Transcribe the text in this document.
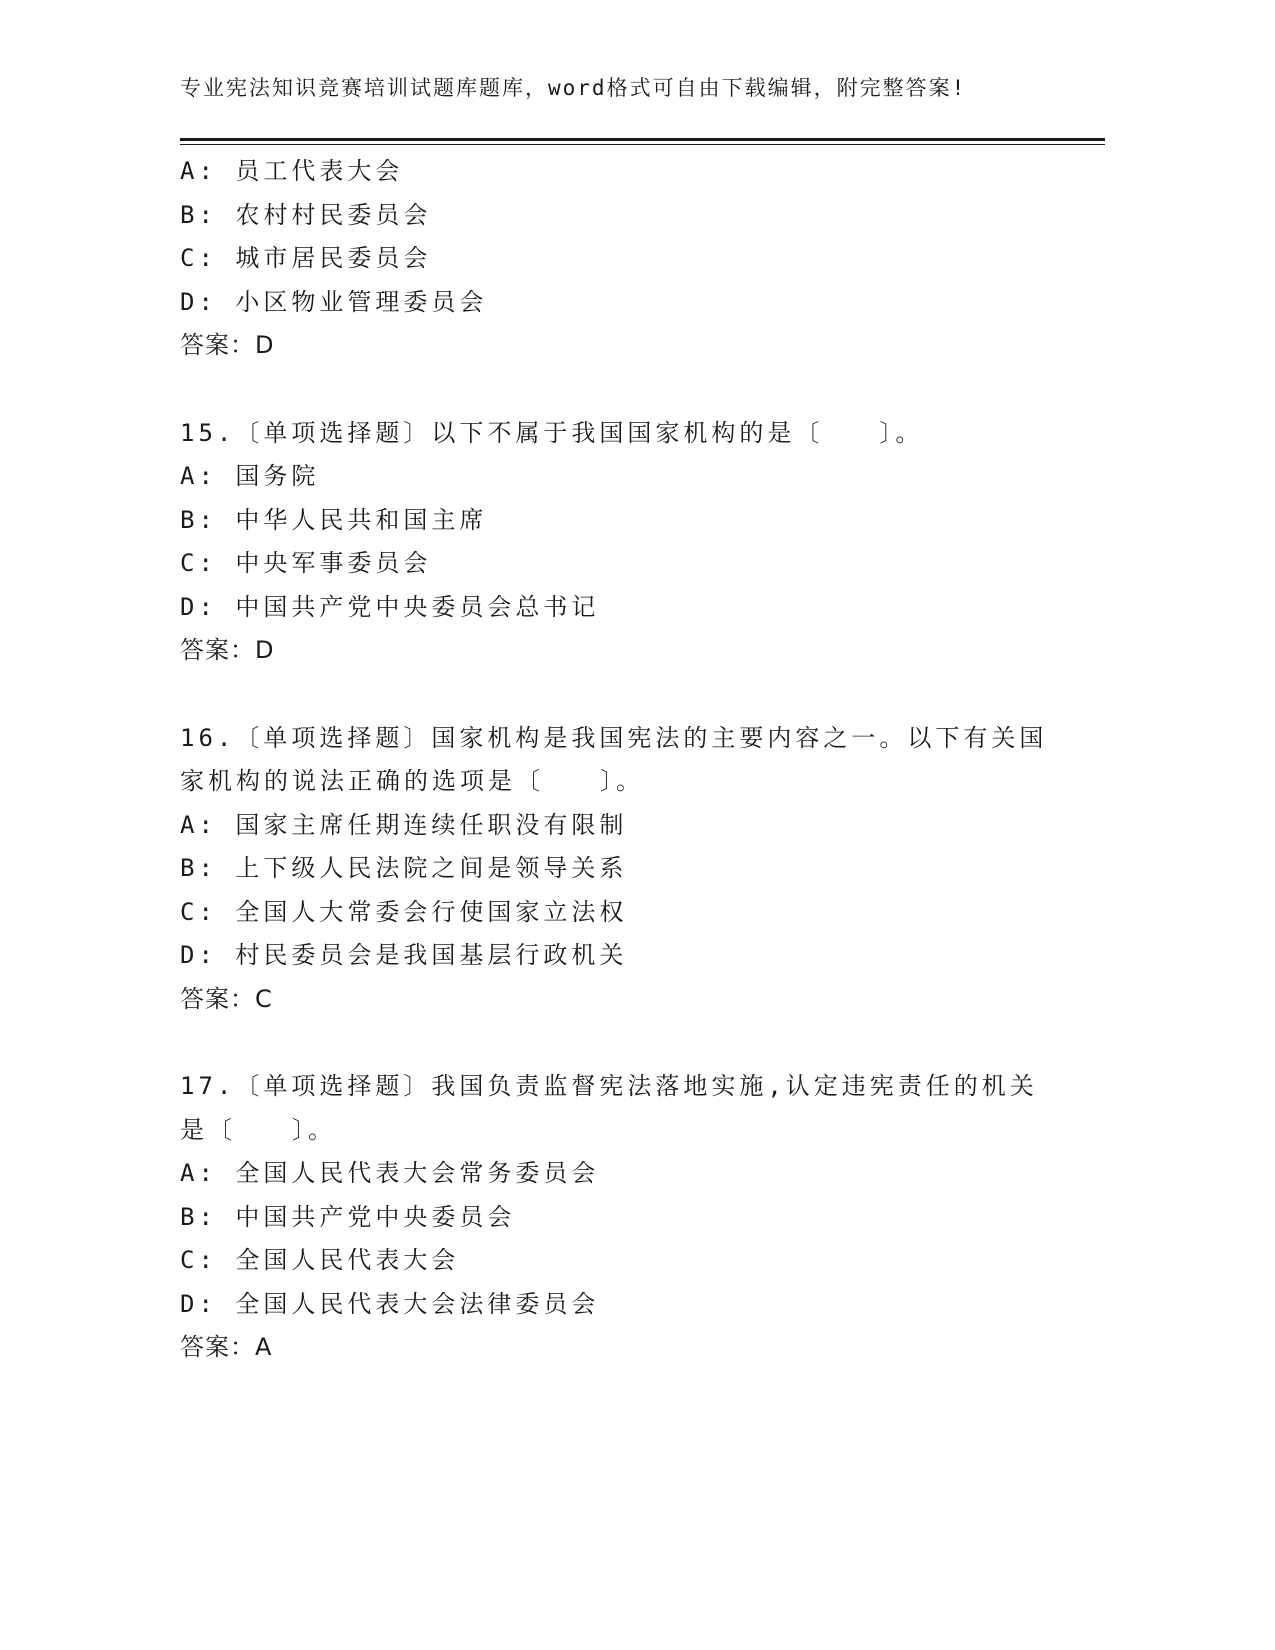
专业宪法知识竞赛培训试题库题库，word格式可自由下载编辑，附完整答案!
A: 员工代表大会
B: 农村村民委员会
C: 城市居民委员会
D: 小区物业管理委员会
答案：D
15.〔单项选择题〕以下不属于我国国家机构的是〔　　〕。
A: 国务院
B: 中华人民共和国主席
C: 中央军事委员会
D: 中国共产党中央委员会总书记
答案：D
16.〔单项选择题〕国家机构是我国宪法的主要内容之一。以下有关国
家机构的说法正确的选项是〔　　〕。
A: 国家主席任期连续任职没有限制
B: 上下级人民法院之间是领导关系
C: 全国人大常委会行使国家立法权
D: 村民委员会是我国基层行政机关
答案：C
17.〔单项选择题〕我国负责监督宪法落地实施,认定违宪责任的机关
是〔　　〕。
A: 全国人民代表大会常务委员会
B: 中国共产党中央委员会
C: 全国人民代表大会
D: 全国人民代表大会法律委员会
答案：A
